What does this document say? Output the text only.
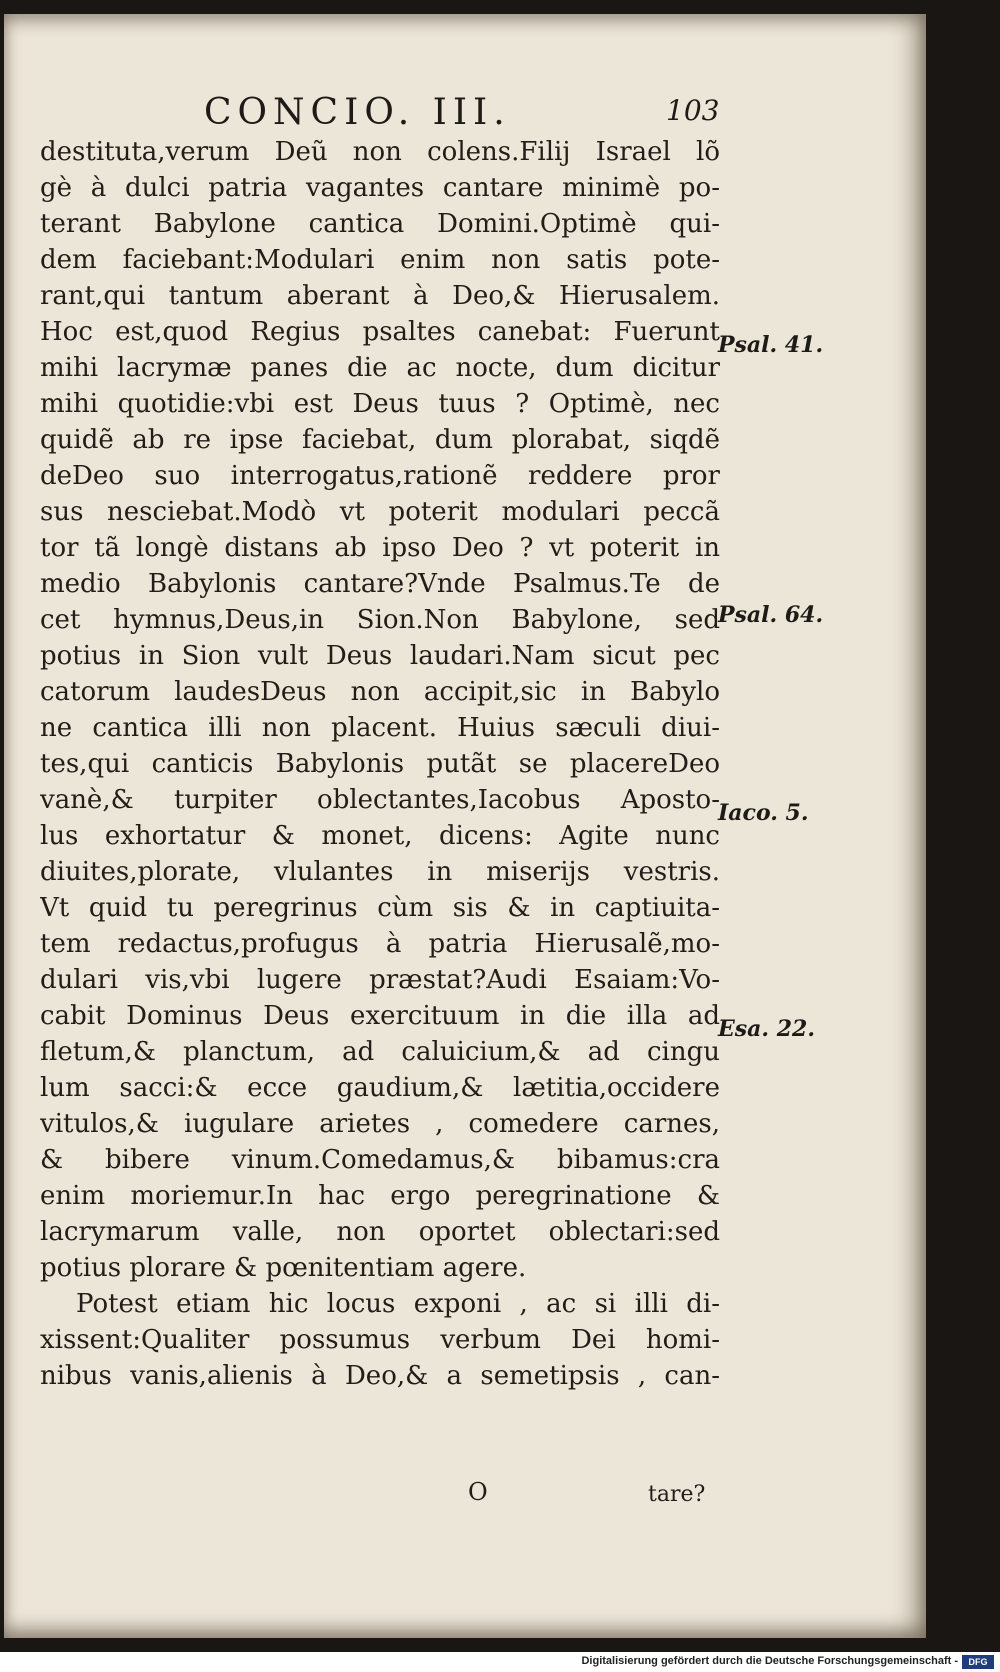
CONCIO. III.	103
destituta,verum Deũ non colens.Filij Israel lõ
gè à dulci patria vagantes cantare minimè po-
terant Babylone cantica Domini.Optimè qui-
dem faciebant:Modulari enim non satis pote-
rant,qui tantum aberant à Deo,& Hierusalem.
Hoc est,quod Regius psaltes canebat: Fuerunt
mihi lacrymæ panes die ac nocte, dum dicitur
mihi quotidie:vbi est Deus tuus ? Optimè, nec
quidẽ ab re ipse faciebat, dum plorabat, siqdẽ
deDeo suo interrogatus,rationẽ reddere pror
sus nesciebat.Modò vt poterit modulari peccã
tor tã longè distans ab ipso Deo ? vt poterit in
medio Babylonis cantare?Vnde Psalmus.Te de
cet hymnus,Deus,in Sion.Non Babylone, sed
potius in Sion vult Deus laudari.Nam sicut pec
catorum laudesDeus non accipit,sic in Babylo
ne cantica illi non placent. Huius sæculi diui-
tes,qui canticis Babylonis putãt se placereDeo
vanè,& turpiter oblectantes,Iacobus Aposto-
lus exhortatur & monet, dicens: Agite nunc
diuites,plorate, vlulantes in miserijs vestris.
Vt quid tu peregrinus cùm sis & in captiuita-
tem redactus,profugus à patria Hierusalẽ,mo-
dulari vis,vbi lugere præstat?Audi Esaiam:Vo-
cabit Dominus Deus exercituum in die illa ad
fletum,& planctum, ad caluicium,& ad cingu
lum sacci:& ecce gaudium,& lætitia,occidere
vitulos,& iugulare arietes , comedere carnes,
& bibere vinum.Comedamus,& bibamus:cra
enim moriemur.In hac ergo peregrinatione &
lacrymarum valle, non oportet oblectari:sed
potius plorare & pœnitentiam agere.
Potest etiam hic locus exponi , ac si illi di-
xissent:Qualiter possumus verbum Dei homi-
nibus vanis,alienis à Deo,& a semetipsis , can-
Psal. 41.
Psal. 64.
Iaco. 5.
Esa. 22.
O	tare?
Digitalisierung gefördert durch die Deutsche Forschungsgemeinschaft -	DFG
